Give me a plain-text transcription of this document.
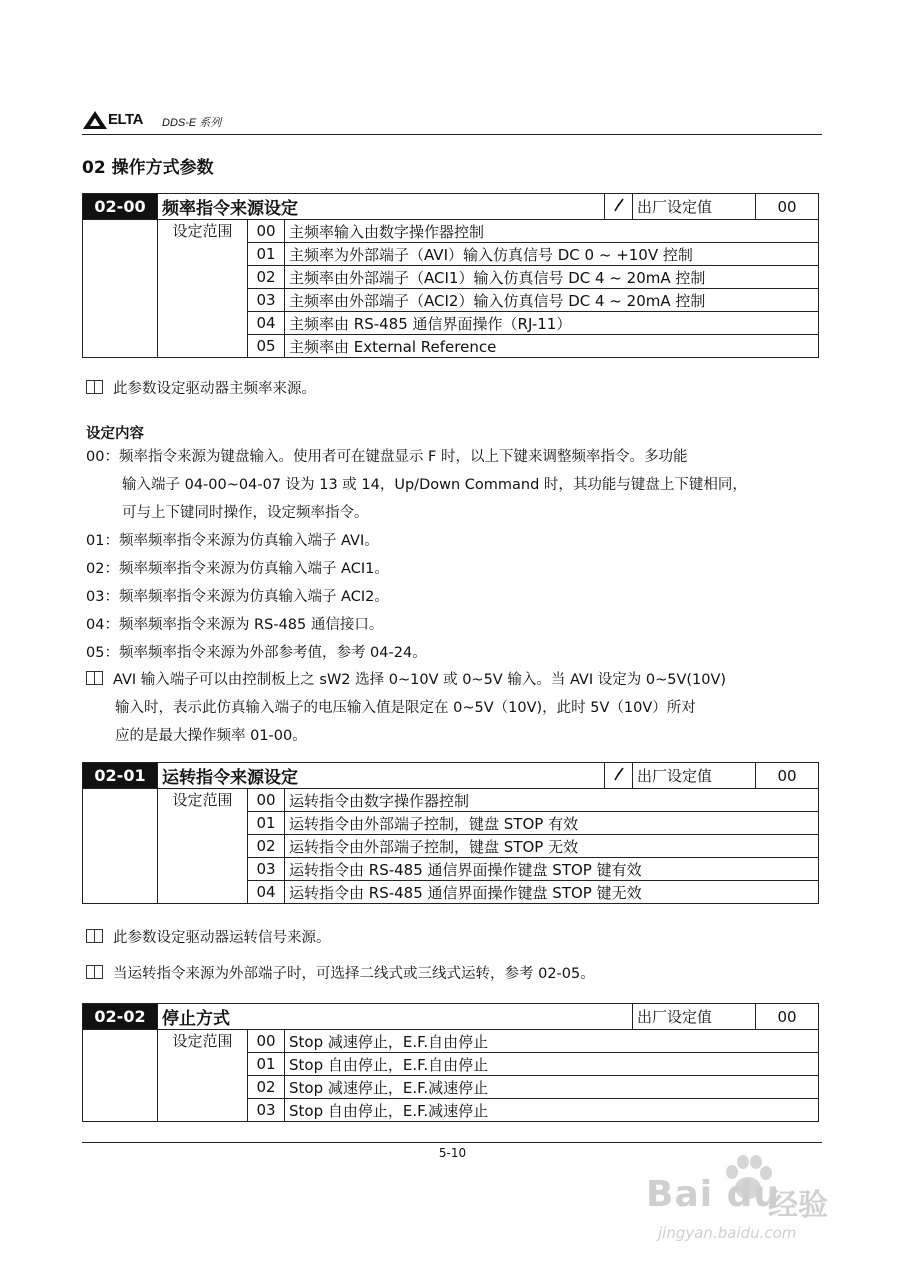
ELTA DDS-E 系列
02 操作方式参数
02-00	频率指令来源设定				出厂设定值	00
	设定范围	00	主频率输入由数字操作器控制			
		01	主频率为外部端子（AVI）输入仿真信号 DC 0 ~ +10V 控制			
		02	主频率由外部端子（ACI1）输入仿真信号 DC 4 ~ 20mA 控制			
		03	主频率由外部端子（ACI2）输入仿真信号 DC 4 ~ 20mA 控制			
		04	主频率由 RS-485 通信界面操作（RJ-11）			
		05	主频率由 External Reference			
此参数设定驱动器主频率来源。
设定内容
00：频率指令来源为键盘输入。使用者可在键盘显示 F 时，以上下键来调整频率指令。多功能
输入端子 04-00~04-07 设为 13 或 14，Up/Down Command 时，其功能与键盘上下键相同，
可与上下键同时操作，设定频率指令。
01：频率频率指令来源为仿真输入端子 AVI。
02：频率频率指令来源为仿真输入端子 ACI1。
03：频率频率指令来源为仿真输入端子 ACI2。
04：频率频率指令来源为 RS-485 通信接口。
05：频率频率指令来源为外部参考值，参考 04-24。
AVI 输入端子可以由控制板上之 sW2 选择 0~10V 或 0~5V 输入。当 AVI 设定为 0~5V(10V)
输入时，表示此仿真输入端子的电压输入值是限定在 0~5V（10V)，此时 5V（10V）所对
应的是最大操作频率 01-00。
02-01	运转指令来源设定				出厂设定值	00
	设定范围	00	运转指令由数字操作器控制			
		01	运转指令由外部端子控制，键盘 STOP 有效			
		02	运转指令由外部端子控制，键盘 STOP 无效			
		03	运转指令由 RS-485 通信界面操作键盘 STOP 键有效			
		04	运转指令由 RS-485 通信界面操作键盘 STOP 键无效			
此参数设定驱动器运转信号来源。
当运转指令来源为外部端子时，可选择二线式或三线式运转，参考 02-05。
02-02	停止方式			出厂设定值	00
	设定范围	00	Stop 减速停止，E.F.自由停止		
		01	Stop 自由停止，E.F.自由停止		
		02	Stop 减速停止，E.F.减速停止		
		03	Stop 自由停止，E.F.减速停止		
5-10
Bai du
经验
jingyan.baidu.com
